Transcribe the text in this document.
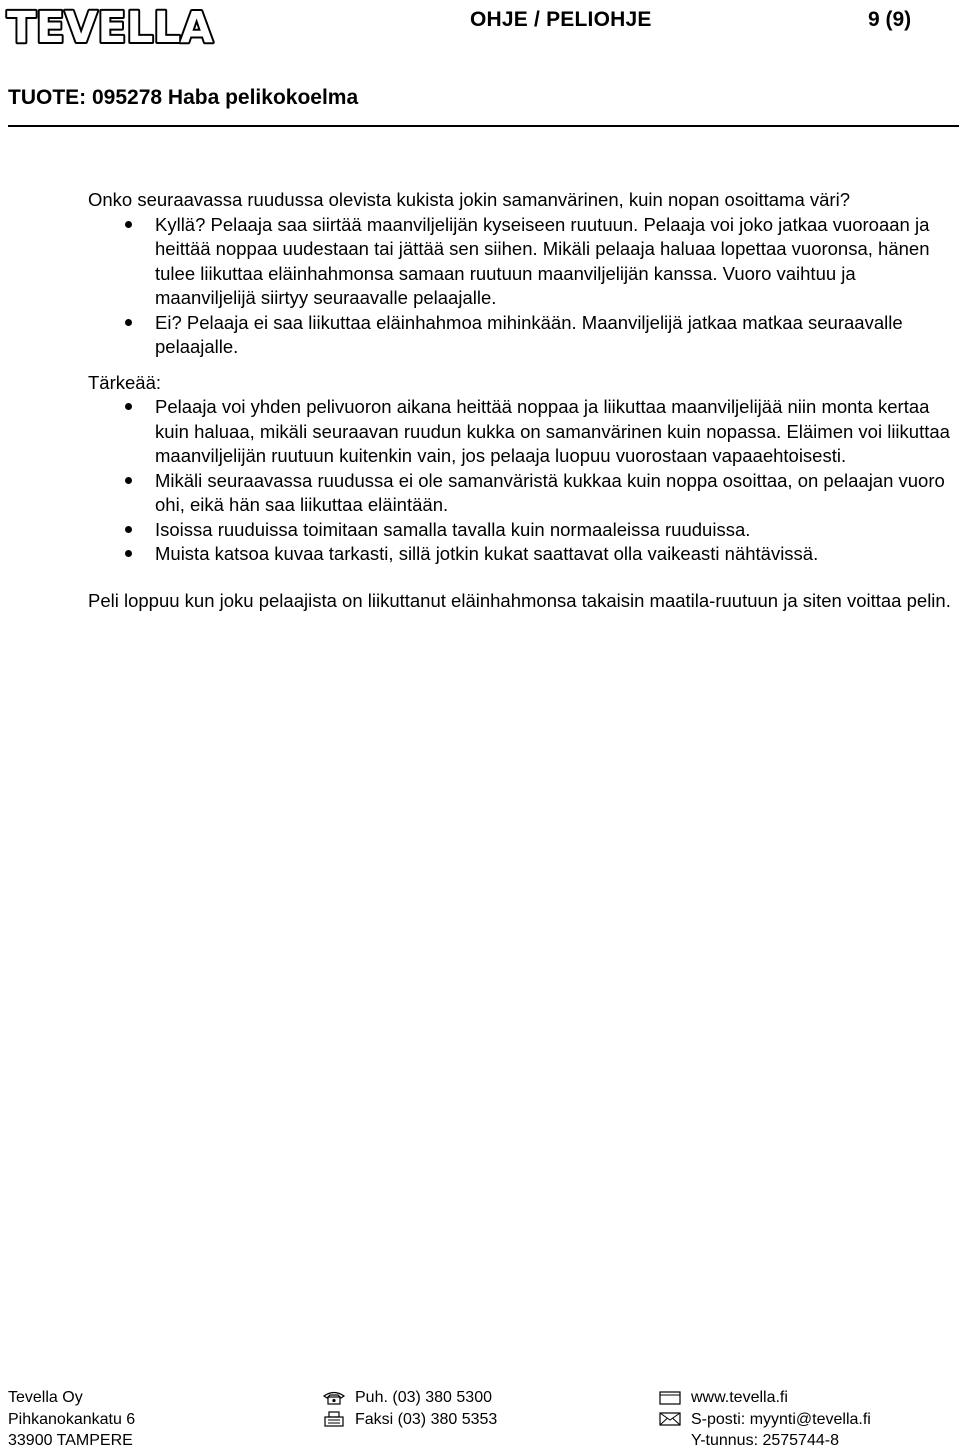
TEVELLA	OHJE / PELIOHJE	9 (9)
TUOTE: 095278 Haba pelikokoelma

Onko seuraavassa ruudussa olevista kukista jokin samanvärinen, kuin nopan osoittama väri?

Kyllä? Pelaaja saa siirtää maanviljelijän kyseiseen ruutuun. Pelaaja voi joko jatkaa vuoroaan ja heittää noppaa uudestaan tai jättää sen siihen. Mikäli pelaaja haluaa lopettaa vuoronsa, hänen tulee liikuttaa eläinhahmonsa samaan ruutuun maanviljelijän kanssa. Vuoro vaihtuu ja maanviljelijä siirtyy seuraavalle pelaajalle.
Ei? Pelaaja ei saa liikuttaa eläinhahmoa mihinkään. Maanviljelijä jatkaa matkaa seuraavalle pelaajalle.

Tärkeää:

Pelaaja voi yhden pelivuoron aikana heittää noppaa ja liikuttaa maanviljelijää niin monta kertaa kuin haluaa, mikäli seuraavan ruudun kukka on samanvärinen kuin nopassa. Eläimen voi liikuttaa maanviljelijän ruutuun kuitenkin vain, jos pelaaja luopuu vuorostaan vapaaehtoisesti.
Mikäli seuraavassa ruudussa ei ole samanväristä kukkaa kuin noppa osoittaa, on pelaajan vuoro ohi, eikä hän saa liikuttaa eläintään.
Isoissa ruuduissa toimitaan samalla tavalla kuin normaaleissa ruuduissa.
Muista katsoa kuvaa tarkasti, sillä jotkin kukat saattavat olla vaikeasti nähtävissä.

Peli loppuu kun joku pelaajista on liikuttanut eläinhahmonsa takaisin maatila-ruutuun ja siten voittaa pelin.

Tevella Oy
Pihkanokankatu 6
33900 TAMPERE
Puh. (03) 380 5300
Faksi (03) 380 5353
www.tevella.fi
S-posti: myynti@tevella.fi
Y-tunnus: 2575744-8
